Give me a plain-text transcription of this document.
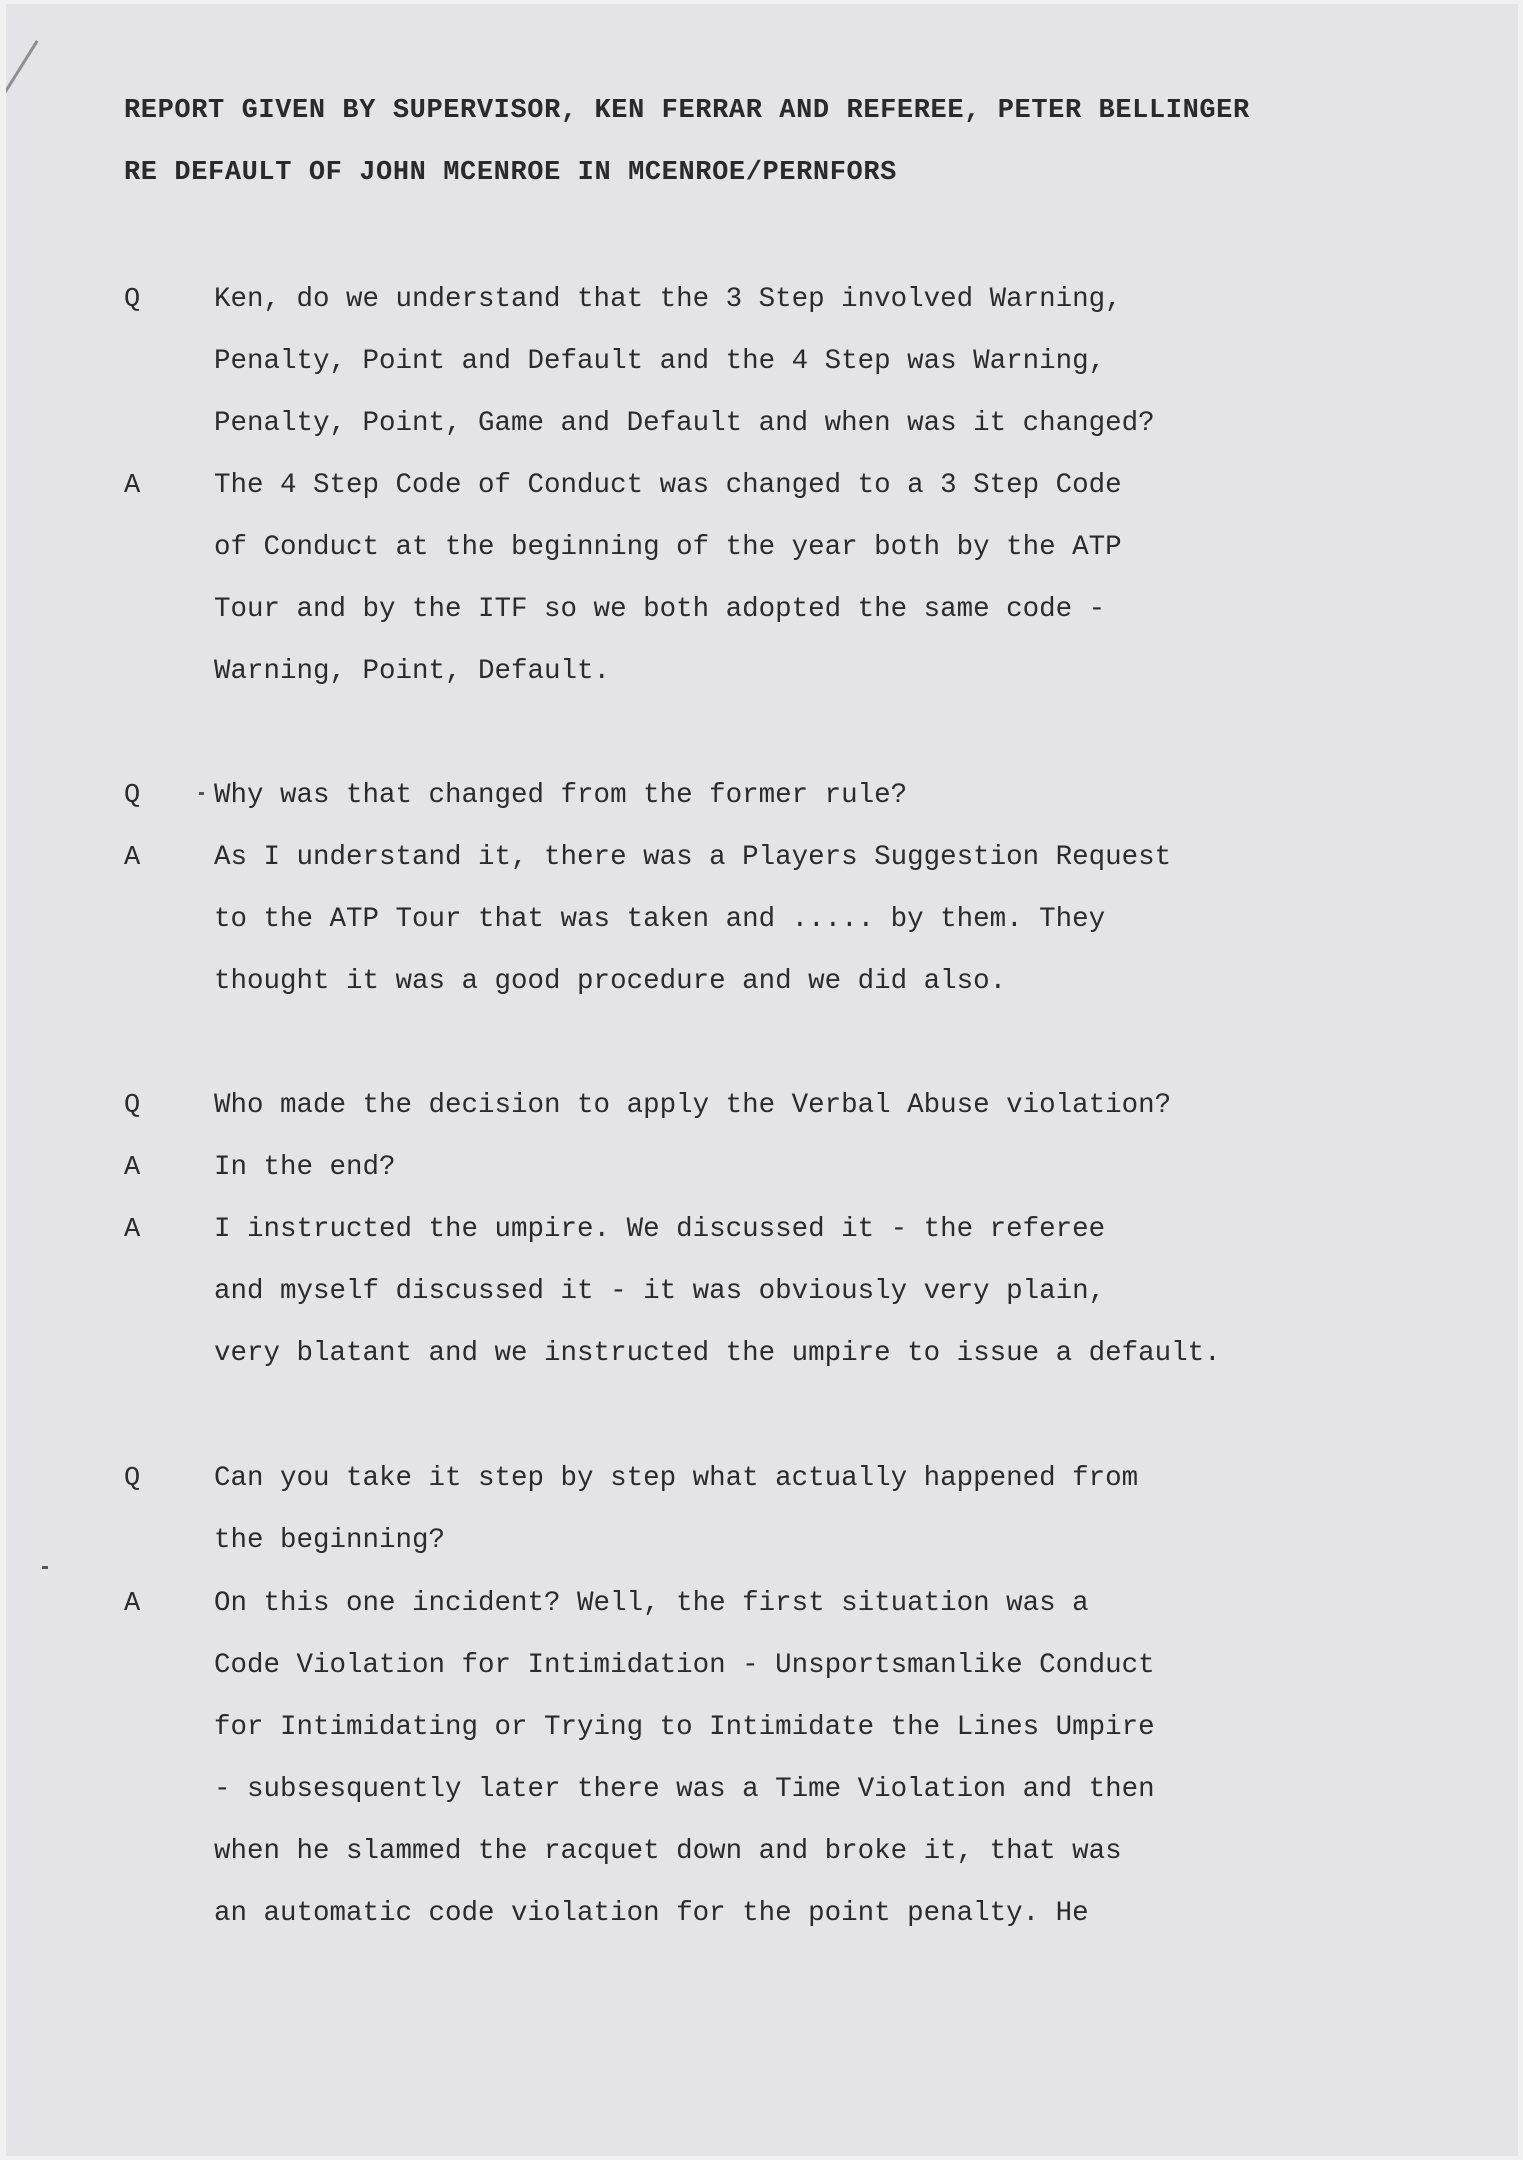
REPORT GIVEN BY SUPERVISOR, KEN FERRAR AND REFEREE, PETER BELLINGER
RE DEFAULT OF JOHN MCENROE IN MCENROE/PERNFORS
Q	Ken, do we understand that the 3 Step involved Warning,
Penalty, Point and Default and the 4 Step was Warning,
Penalty, Point, Game and Default and when was it changed?
A	The 4 Step Code of Conduct was changed to a 3 Step Code
of Conduct at the beginning of the year both by the ATP
Tour and by the ITF so we both adopted the same code -
Warning, Point, Default.
Q	Why was that changed from the former rule?
A	As I understand it, there was a Players Suggestion Request
to the ATP Tour that was taken and ..... by them. They
thought it was a good procedure and we did also.
Q	Who made the decision to apply the Verbal Abuse violation?
A	In the end?
A	I instructed the umpire. We discussed it - the referee
and myself discussed it - it was obviously very plain,
very blatant and we instructed the umpire to issue a default.
Q	Can you take it step by step what actually happened from
the beginning?
A	On this one incident? Well, the first situation was a
Code Violation for Intimidation - Unsportsmanlike Conduct
for Intimidating or Trying to Intimidate the Lines Umpire
- subsesquently later there was a Time Violation and then
when he slammed the racquet down and broke it, that was
an automatic code violation for the point penalty. He
